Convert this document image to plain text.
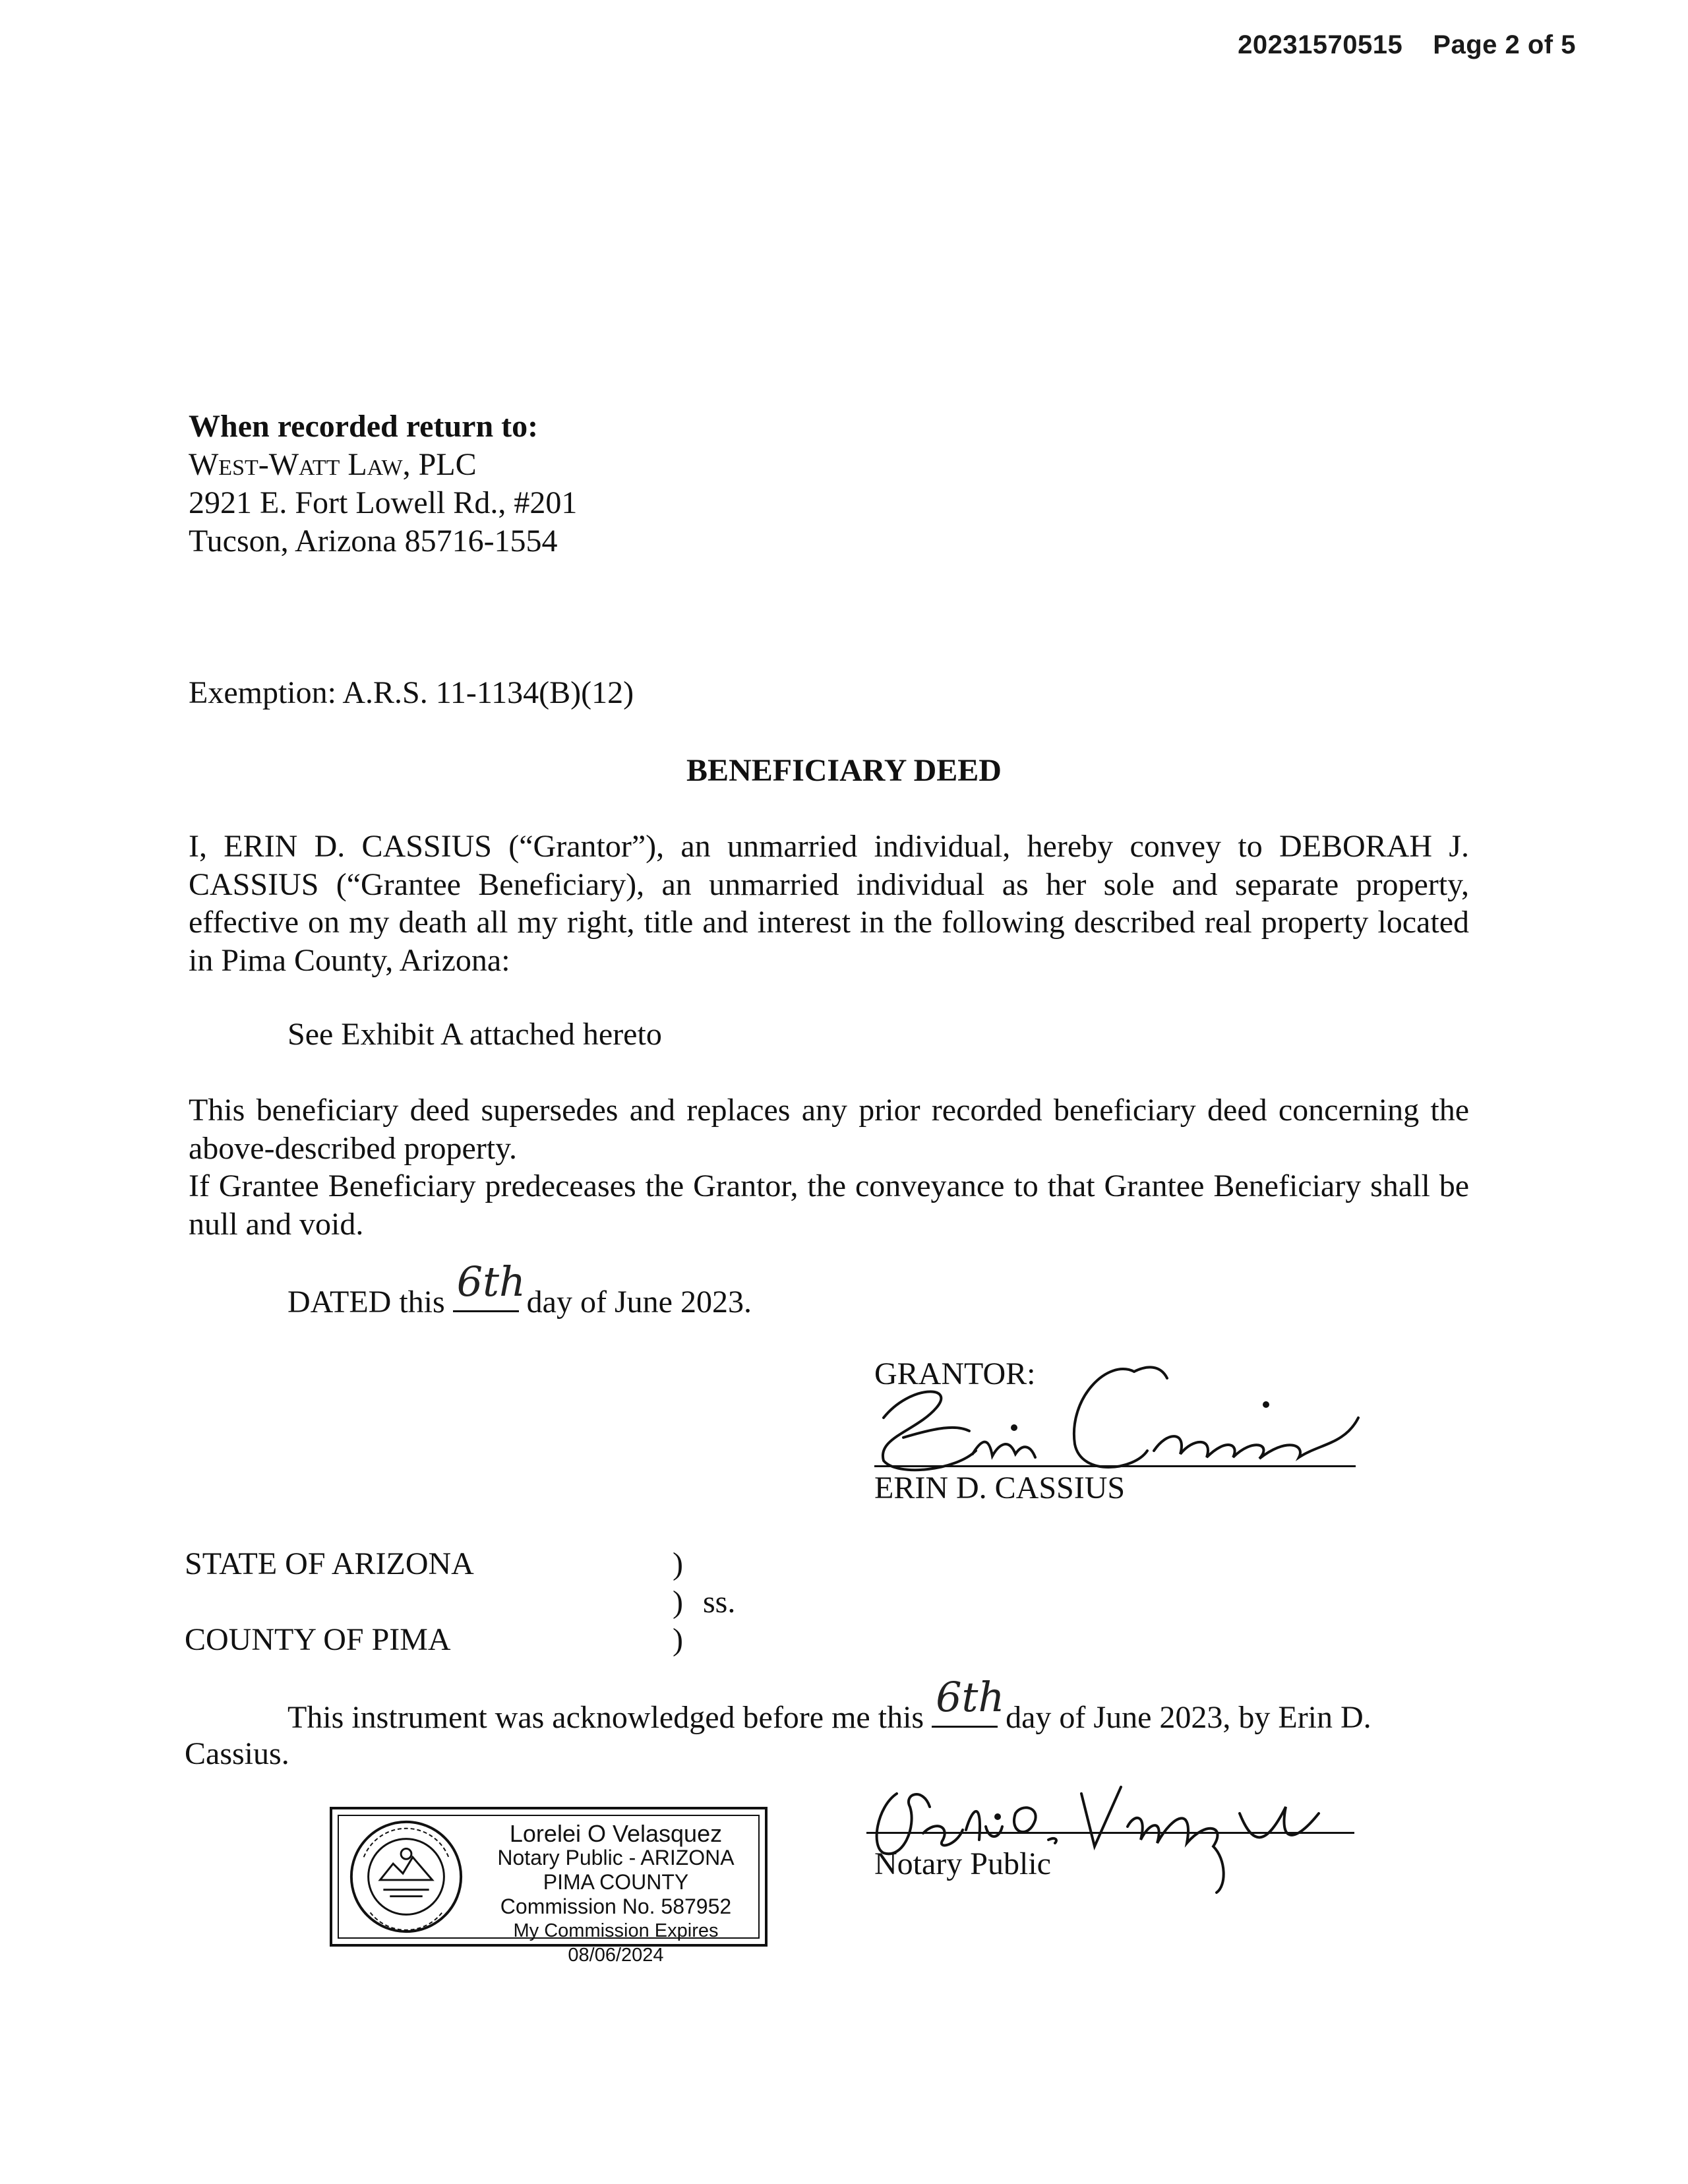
20231570515 Page 2 of 5
When recorded return to:
West-Watt Law, PLC
2921 E. Fort Lowell Rd., #201
Tucson, Arizona 85716-1554
Exemption: A.R.S. 11-1134(B)(12)
BENEFICIARY DEED
I, ERIN D. CASSIUS (“Grantor”), an unmarried individual, hereby convey to DEBORAH J. CASSIUS (“Grantee Beneficiary), an unmarried individual as her sole and separate property, effective on my death all my right, title and interest in the following described real property located in Pima County, Arizona:
See Exhibit A attached hereto
This beneficiary deed supersedes and replaces any prior recorded beneficiary deed concerning the above-described property.
If Grantee Beneficiary predeceases the Grantor, the conveyance to that Grantee Beneficiary shall be null and void.
DATED this 6th day of June 2023.
GRANTOR:
ERIN D. CASSIUS
STATE OF ARIZONA	)
) ss.
COUNTY OF PIMA	)
This instrument was acknowledged before me this 6th day of June 2023, by Erin D.
Cassius.
Lorelei O Velasquez
Notary Public - ARIZONA
PIMA COUNTY
Commission No. 587952
My Commission Expires 08/06/2024
Notary Public
